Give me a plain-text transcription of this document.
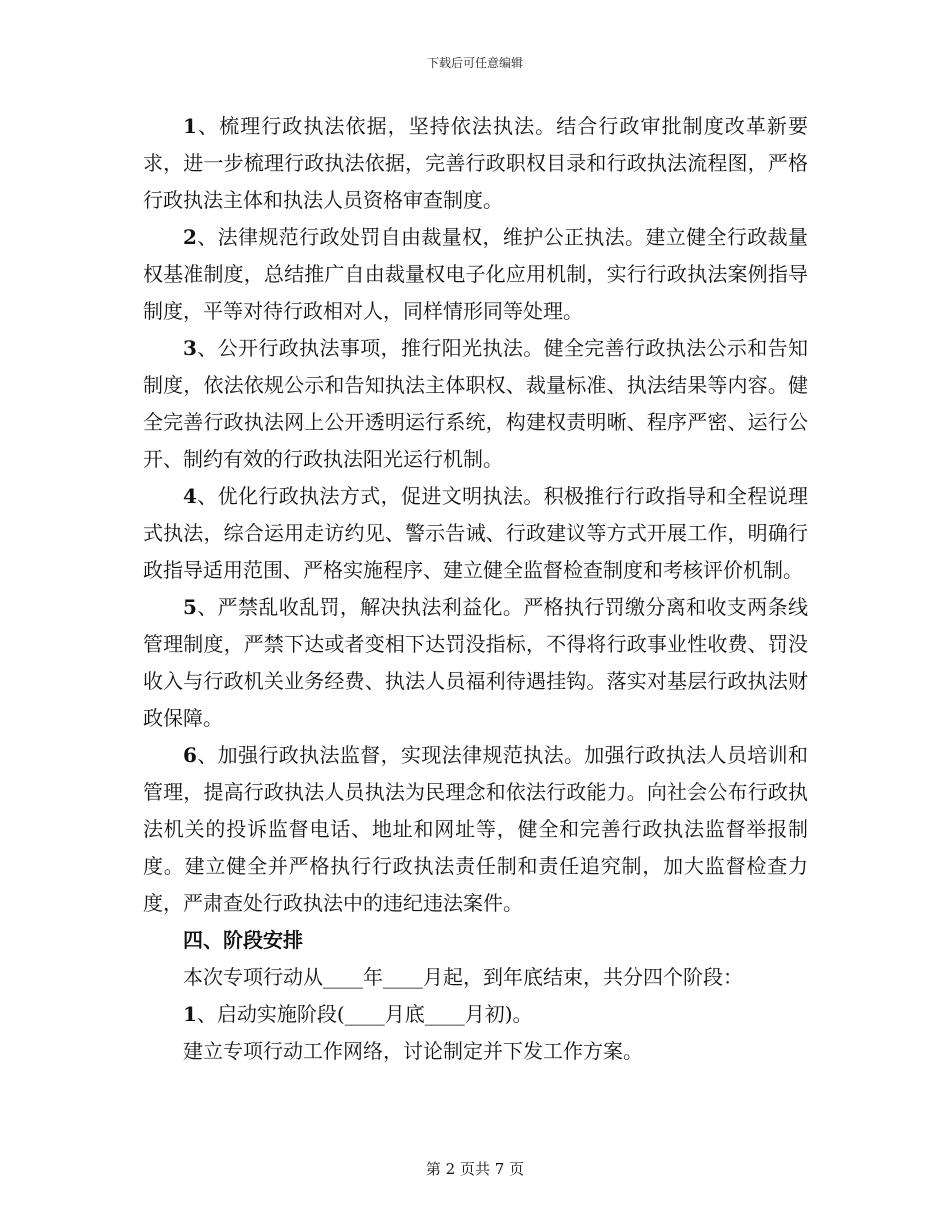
下载后可任意编辑

1、梳理行政执法依据，坚持依法执法。结合行政审批制度改革新要求，进一步梳理行政执法依据，完善行政职权目录和行政执法流程图，严格行政执法主体和执法人员资格审查制度。

2、法律规范行政处罚自由裁量权，维护公正执法。建立健全行政裁量权基准制度，总结推广自由裁量权电子化应用机制，实行行政执法案例指导制度，平等对待行政相对人，同样情形同等处理。

3、公开行政执法事项，推行阳光执法。健全完善行政执法公示和告知制度，依法依规公示和告知执法主体职权、裁量标准、执法结果等内容。健全完善行政执法网上公开透明运行系统，构建权责明晰、程序严密、运行公开、制约有效的行政执法阳光运行机制。

4、优化行政执法方式，促进文明执法。积极推行行政指导和全程说理式执法，综合运用走访约见、警示告诫、行政建议等方式开展工作，明确行政指导适用范围、严格实施程序、建立健全监督检查制度和考核评价机制。

5、严禁乱收乱罚，解决执法利益化。严格执行罚缴分离和收支两条线管理制度，严禁下达或者变相下达罚没指标，不得将行政事业性收费、罚没收入与行政机关业务经费、执法人员福利待遇挂钩。落实对基层行政执法财政保障。

6、加强行政执法监督，实现法律规范执法。加强行政执法人员培训和管理，提高行政执法人员执法为民理念和依法行政能力。向社会公布行政执法机关的投诉监督电话、地址和网址等，健全和完善行政执法监督举报制度。建立健全并严格执行行政执法责任制和责任追究制，加大监督检查力度，严肃查处行政执法中的违纪违法案件。

四、阶段安排

本次专项行动从____年____月起，到年底结束，共分四个阶段：

1、启动实施阶段(____月底____月初)。

建立专项行动工作网络，讨论制定并下发工作方案。

第 2 页共 7 页
